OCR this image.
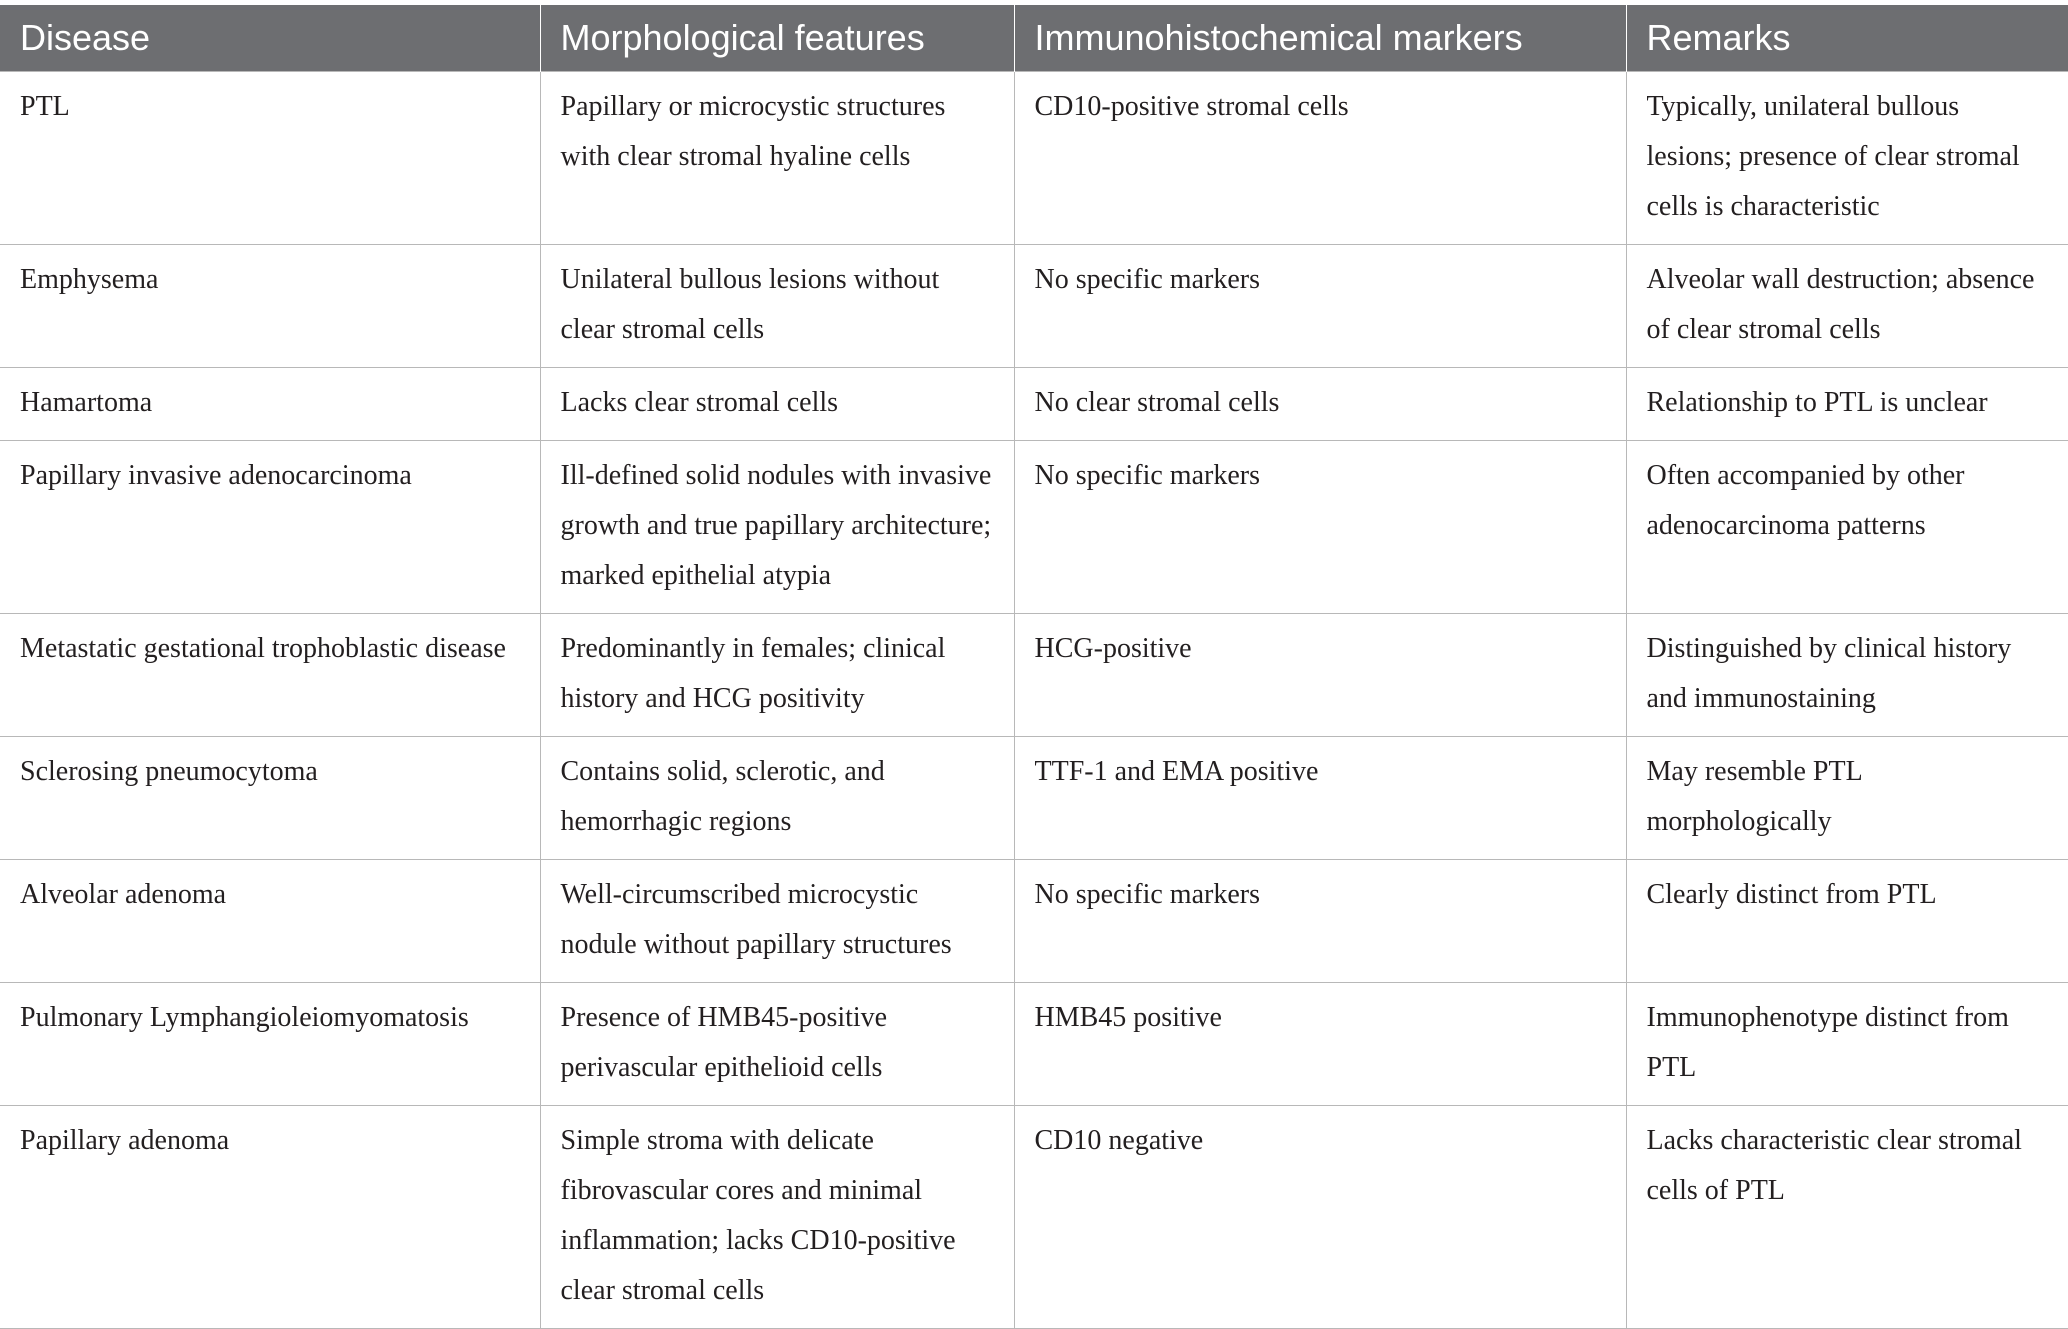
Disease	Morphological features	Immunohistochemical markers	Remarks
PTL	Papillary or microcystic structures with clear stromal hyaline cells	CD10-positive stromal cells	Typically, unilateral bullous lesions; presence of clear stromal cells is characteristic
Emphysema	Unilateral bullous lesions without clear stromal cells	No specific markers	Alveolar wall destruction; absence of clear stromal cells
Hamartoma	Lacks clear stromal cells	No clear stromal cells	Relationship to PTL is unclear
Papillary invasive adenocarcinoma	Ill-defined solid nodules with invasive growth and true papillary architecture; marked epithelial atypia	No specific markers	Often accompanied by other adenocarcinoma patterns
Metastatic gestational trophoblastic disease	Predominantly in females; clinical history and HCG positivity	HCG-positive	Distinguished by clinical history and immunostaining
Sclerosing pneumocytoma	Contains solid, sclerotic, and hemorrhagic regions	TTF-1 and EMA positive	May resemble PTL morphologically
Alveolar adenoma	Well-circumscribed microcystic nodule without papillary structures	No specific markers	Clearly distinct from PTL
Pulmonary Lymphangioleiomyomatosis	Presence of HMB45-positive perivascular epithelioid cells	HMB45 positive	Immunophenotype distinct from PTL
Papillary adenoma	Simple stroma with delicate fibrovascular cores and minimal inflammation; lacks CD10-positive clear stromal cells	CD10 negative	Lacks characteristic clear stromal cells of PTL
